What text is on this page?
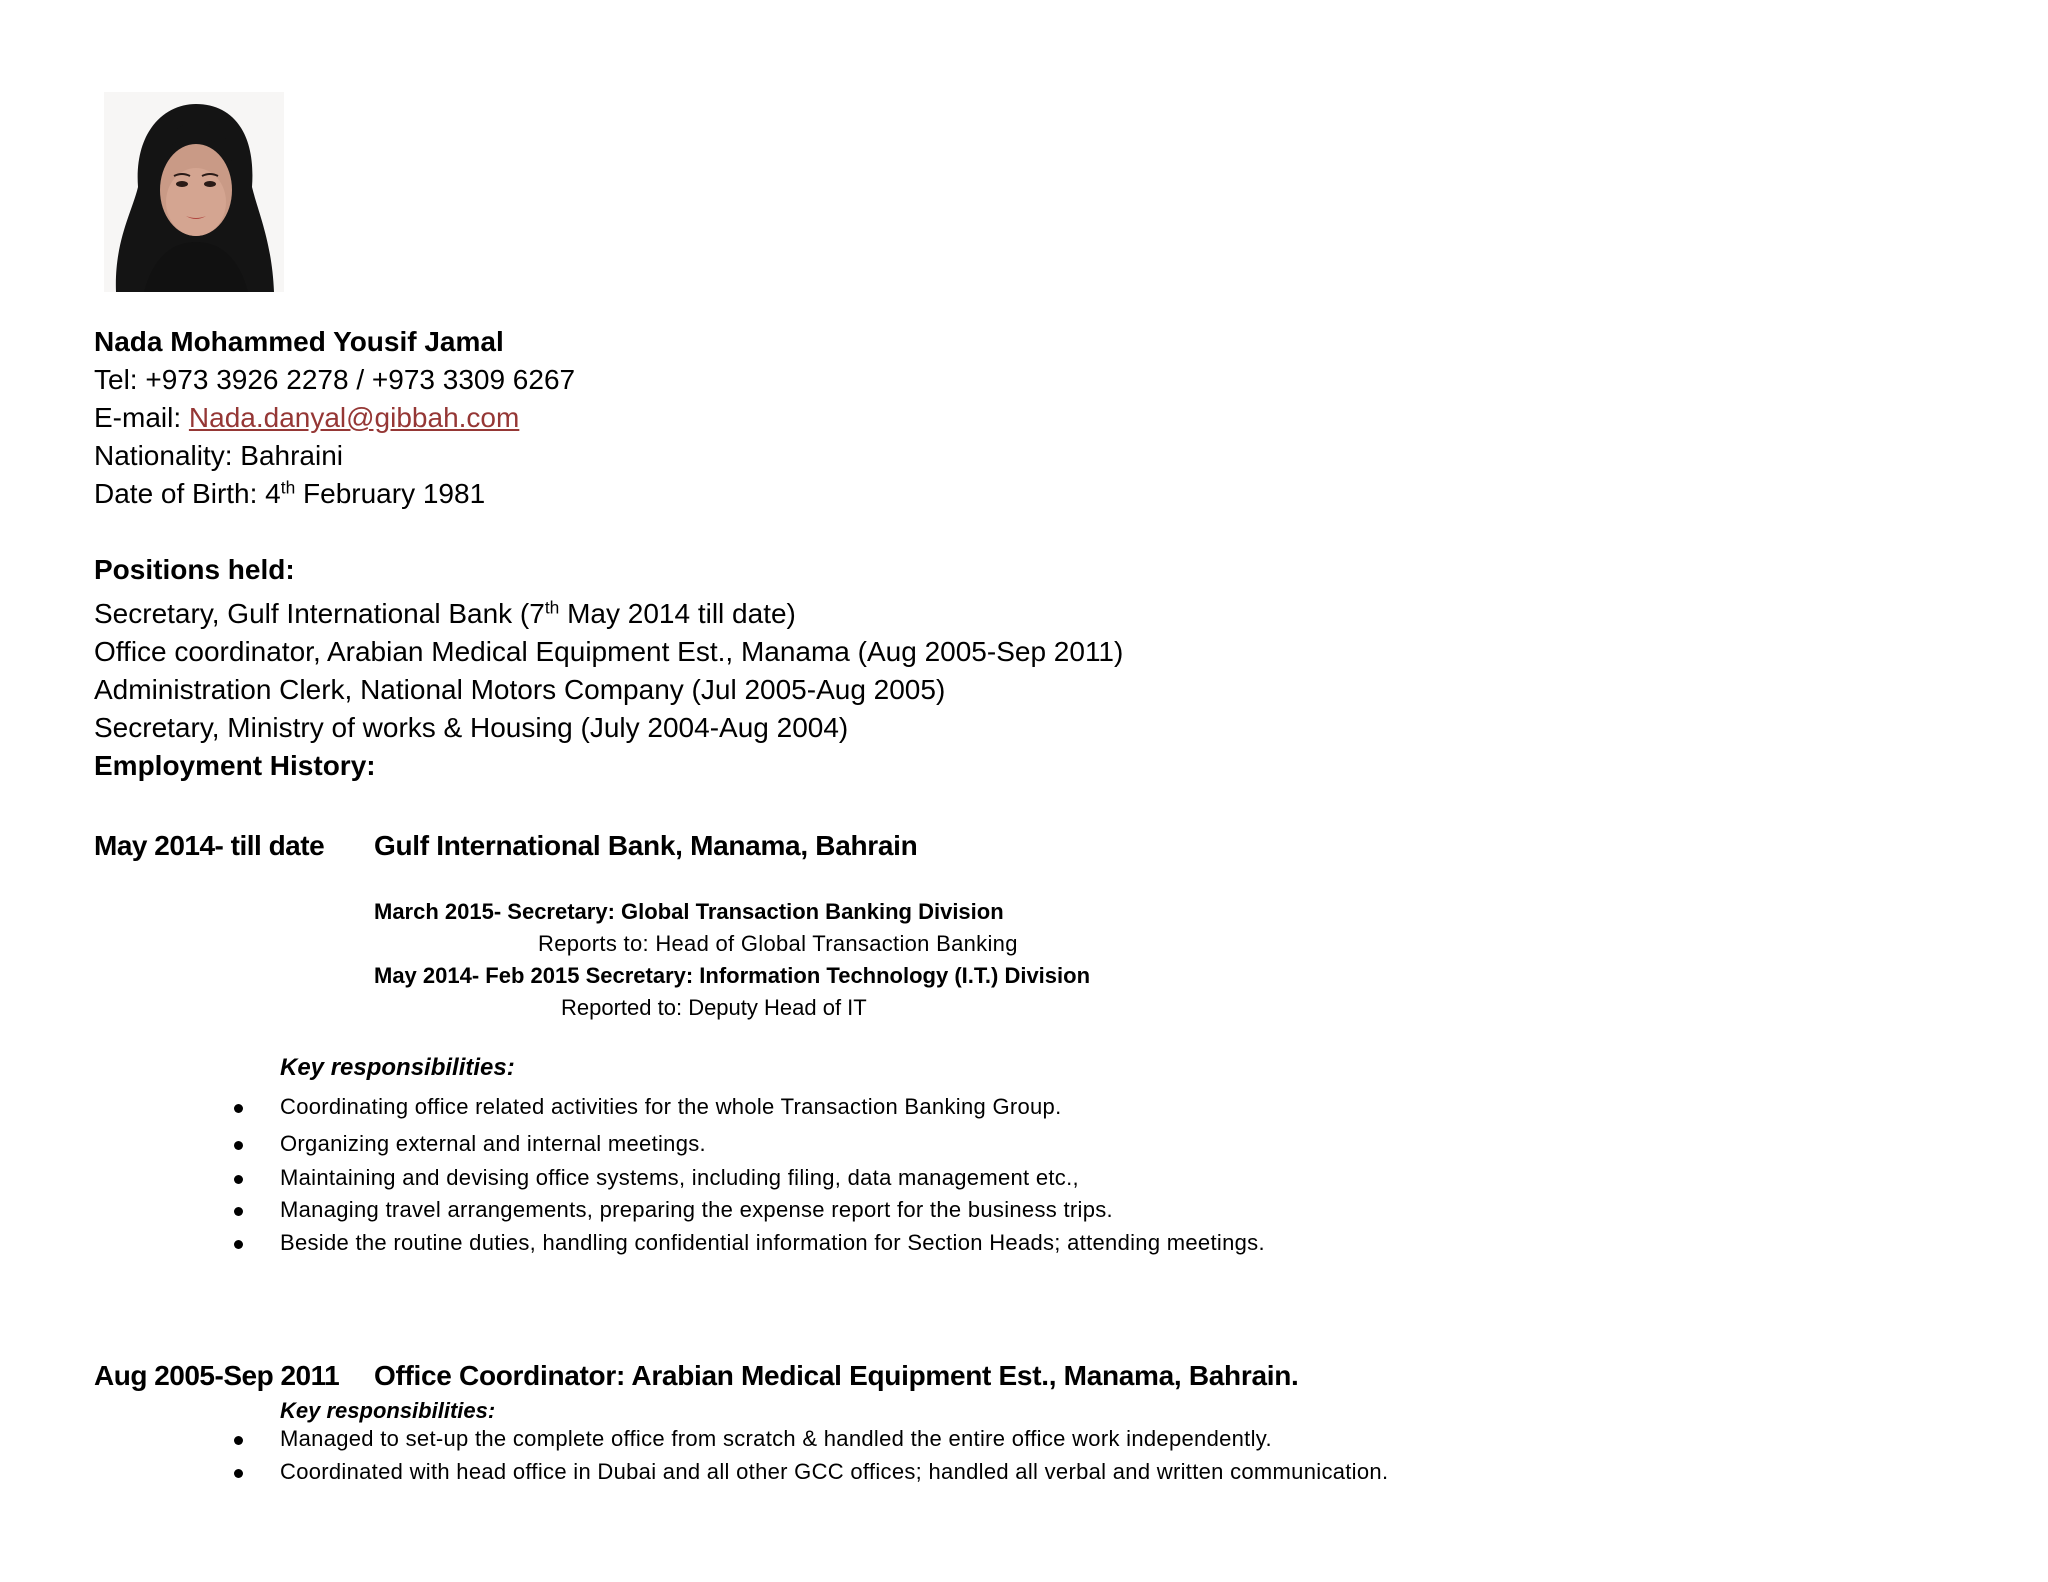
Nada Mohammed Yousif Jamal
Tel: +973 3926 2278 / +973 3309 6267
E-mail: Nada.danyal@gibbah.com
Nationality: Bahraini
Date of Birth: 4th February 1981
Positions held:
Secretary, Gulf International Bank (7th May 2014 till date)
Office coordinator, Arabian Medical Equipment Est., Manama (Aug 2005-Sep 2011)
Administration Clerk, National Motors Company (Jul 2005-Aug 2005)
Secretary, Ministry of works & Housing (July 2004-Aug 2004)
Employment History:
May 2014- till date Gulf International Bank, Manama, Bahrain
March 2015- Secretary: Global Transaction Banking Division
Reports to: Head of Global Transaction Banking
May 2014- Feb 2015 Secretary: Information Technology (I.T.) Division
Reported to: Deputy Head of IT
Key responsibilities:
Coordinating office related activities for the whole Transaction Banking Group.
Organizing external and internal meetings.
Maintaining and devising office systems, including filing, data management etc.,
Managing travel arrangements, preparing the expense report for the business trips.
Beside the routine duties, handling confidential information for Section Heads; attending meetings.
Aug 2005-Sep 2011 Office Coordinator: Arabian Medical Equipment Est., Manama, Bahrain.
Key responsibilities:
Managed to set-up the complete office from scratch & handled the entire office work independently.
Coordinated with head office in Dubai and all other GCC offices; handled all verbal and written communication.
